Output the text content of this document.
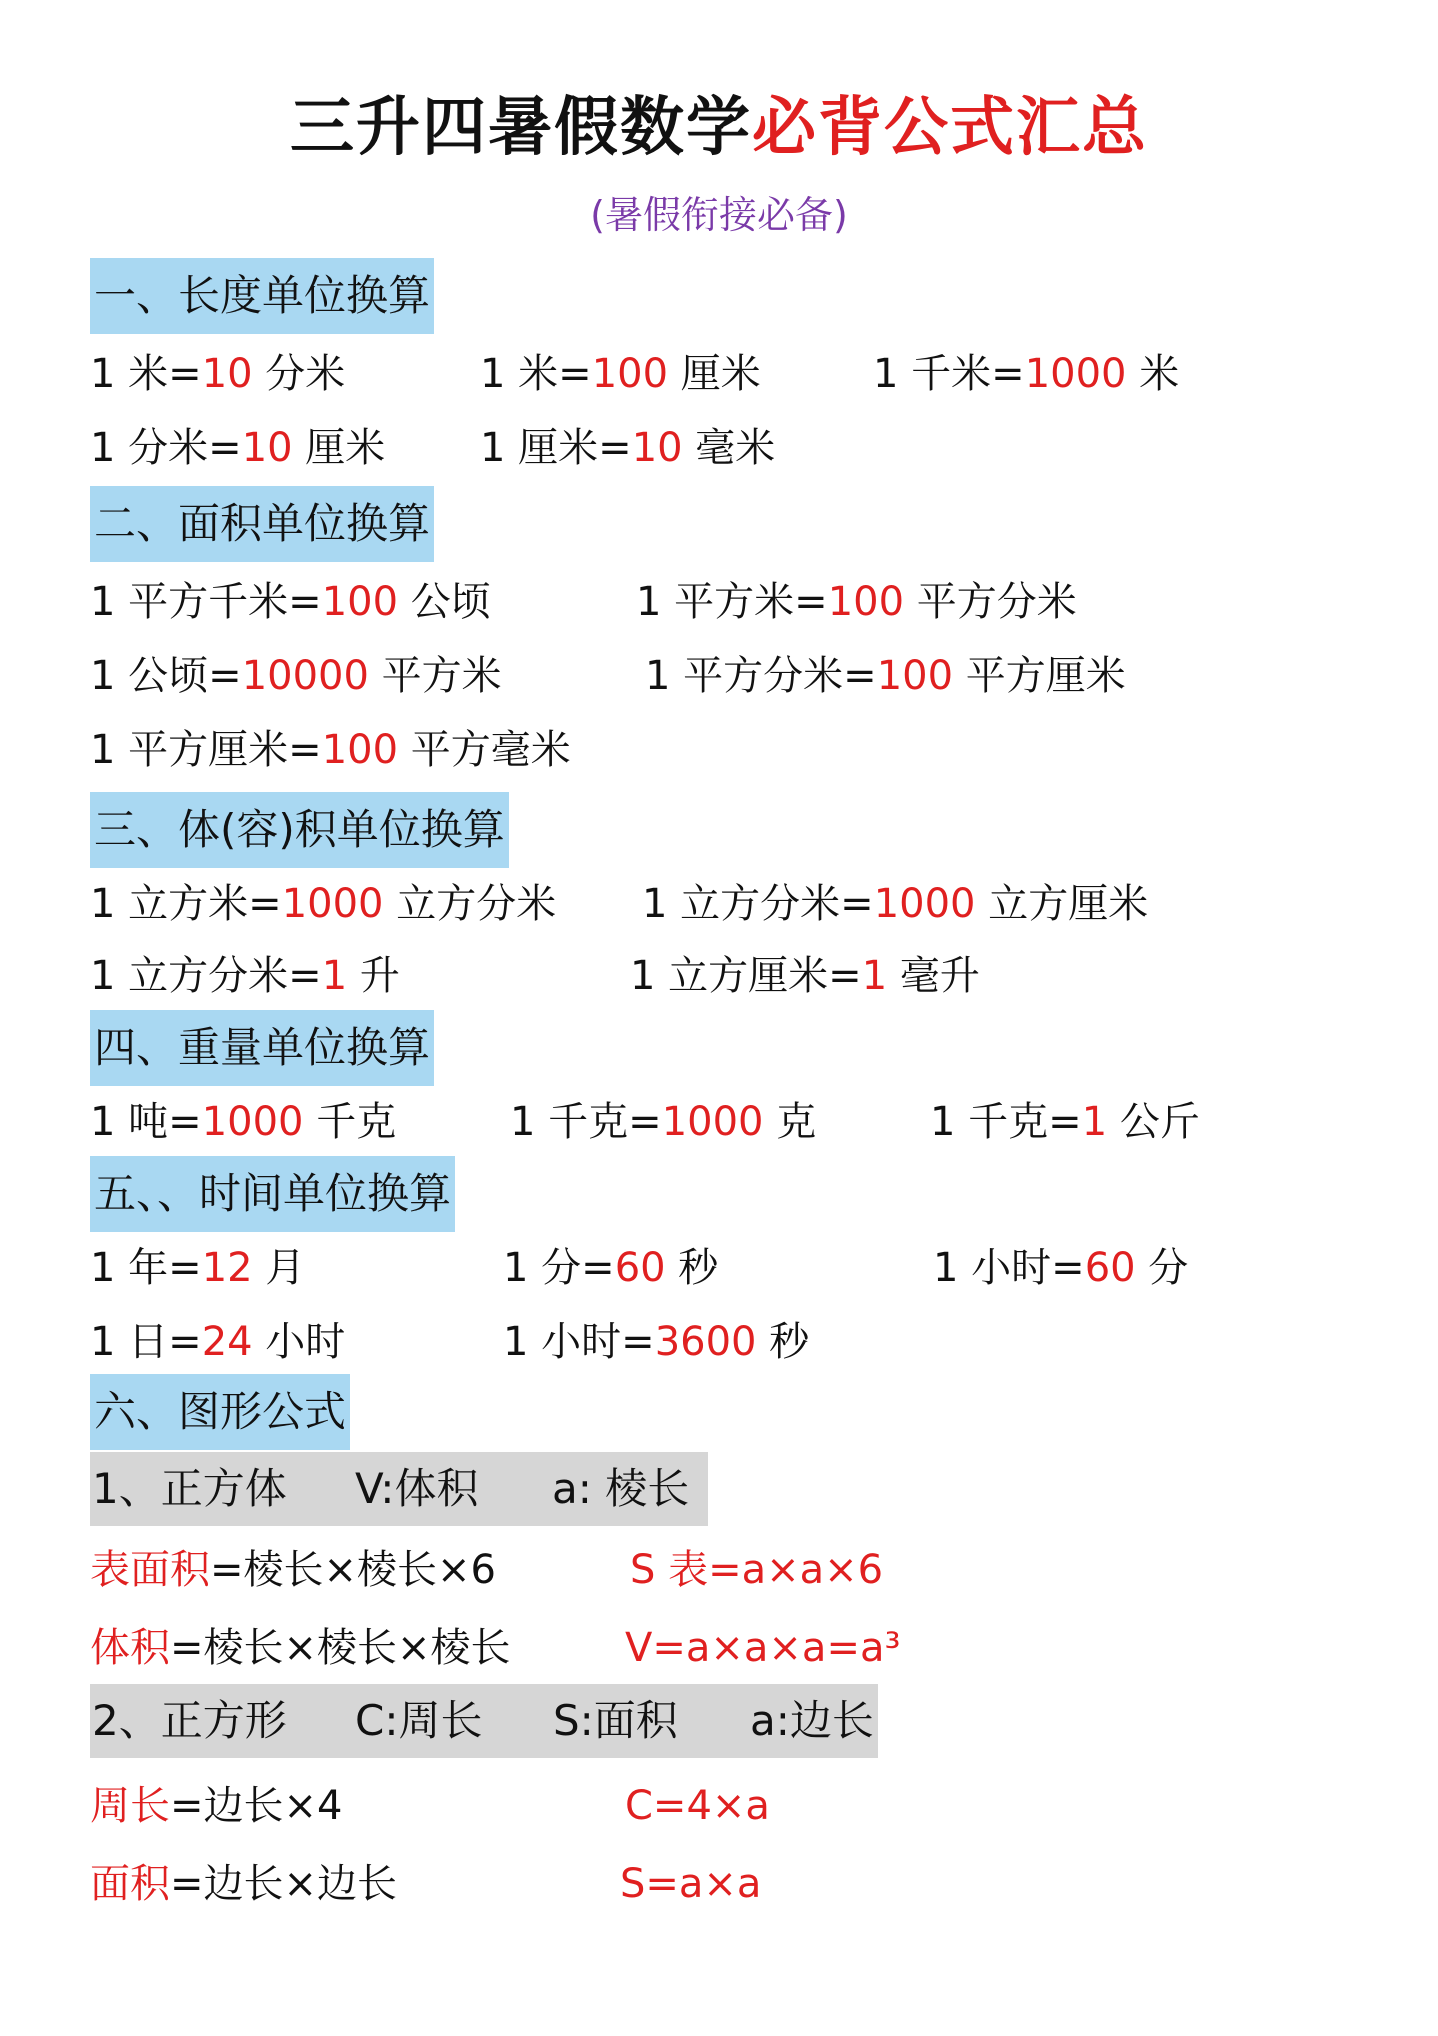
三升四暑假数学必背公式汇总
(暑假衔接必备)
一、长度单位换算
1 米=10 分米	1 米=100 厘米	1 千米=1000 米
1 分米=10 厘米 1 厘米=10 毫米
二、面积单位换算
1 平方千米=100 公顷	1 平方米=100 平方分米
1 公顷=10000 平方米	1 平方分米=100 平方厘米
1 平方厘米=100 平方毫米
三、体(容)积单位换算
1 立方米=1000 立方分米 1 立方分米=1000 立方厘米
1 立方分米=1 升	1 立方厘米=1 毫升
四、重量单位换算
1 吨=1000 千克	1 千克=1000 克	1 千克=1 公斤
五、、时间单位换算
1 年=12 月	1 分=60 秒	1 小时=60 分
1 日=24 小时	1 小时=3600 秒
六、图形公式
1、正方体 V:体积 a: 棱长
表面积=棱长×棱长×6	S 表=a×a×6
体积=棱长×棱长×棱长	V=a×a×a=a³
2、正方形 C:周长 S:面积 a:边长
周长=边长×4	C=4×a
面积=边长×边长	S=a×a
